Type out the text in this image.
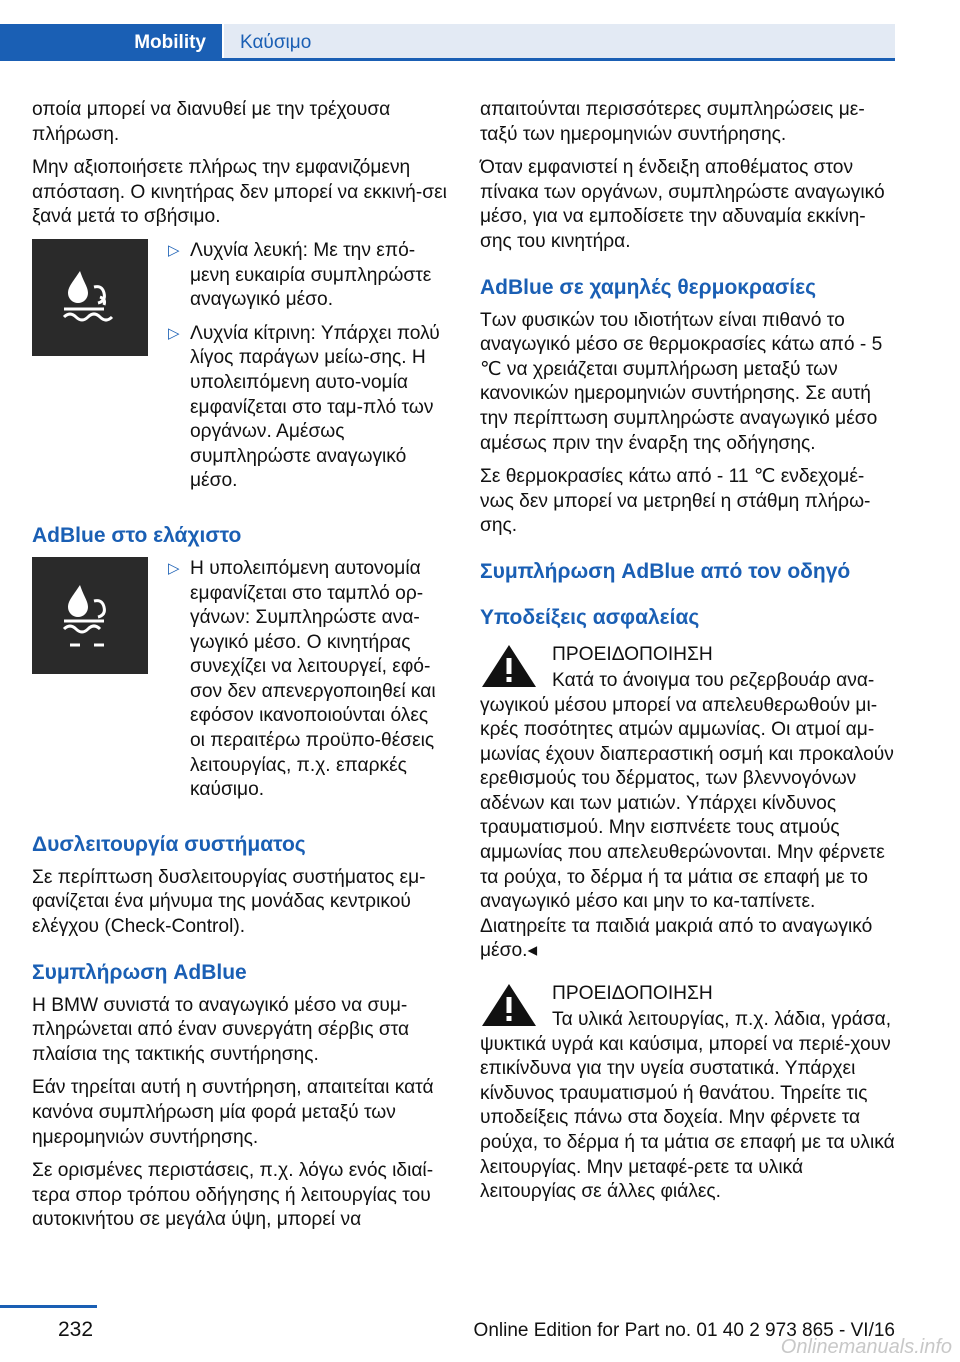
Mobility	Καύσιμο

οποία μπορεί να διανυθεί με την τρέχουσα πλήρωση.

Μην αξιοποιήσετε πλήρως την εμφανιζόμενη απόσταση. Ο κινητήρας δεν μπορεί να εκκινή-σει ξανά μετά το σβήσιμο.

▷ Λυχνία λευκή: Με την επό-μενη ευκαιρία συμπληρώστε αναγωγικό μέσο.
▷ Λυχνία κίτρινη: Υπάρχει πολύ λίγος παράγων μείω-σης. Η υπολειπόμενη αυτο-νομία εμφανίζεται στο ταμ-πλό των οργάνων. Αμέσως συμπληρώστε αναγωγικό μέσο.
AdBlue στο ελάχιστο
▷ Η υπολειπόμενη αυτονομία εμφανίζεται στο ταμπλό ορ-γάνων: Συμπληρώστε ανα-γωγικό μέσο. Ο κινητήρας συνεχίζει να λειτουργεί, εφό-σον δεν απενεργοποιηθεί και εφόσον ικανοποιούνται όλες οι περαιτέρω προϋπο-θέσεις λειτουργίας, π.χ. επαρκές καύσιμο.
Δυσλειτουργία συστήματος

Σε περίπτωση δυσλειτουργίας συστήματος εμ-φανίζεται ένα μήνυμα της μονάδας κεντρικού ελέγχου (Check-Control).

Συμπλήρωση AdBlue

Η BMW συνιστά το αναγωγικό μέσο να συμ-πληρώνεται από έναν συνεργάτη σέρβις στα πλαίσια της τακτικής συντήρησης.

Εάν τηρείται αυτή η συντήρηση, απαιτείται κατά κανόνα συμπλήρωση μία φορά μεταξύ των ημερομηνιών συντήρησης.

Σε ορισμένες περιστάσεις, π.χ. λόγω ενός ιδιαί-τερα σπορ τρόπου οδήγησης ή λειτουργίας του αυτοκινήτου σε μεγάλα ύψη, μπορεί να

απαιτούνται περισσότερες συμπληρώσεις με-ταξύ των ημερομηνιών συντήρησης.

Όταν εμφανιστεί η ένδειξη αποθέματος στον πίνακα των οργάνων, συμπληρώστε αναγωγικό μέσο, για να εμποδίσετε την αδυναμία εκκίνη-σης του κινητήρα.

AdBlue σε χαμηλές θερμοκρασίες

Των φυσικών του ιδιοτήτων είναι πιθανό το αναγωγικό μέσο σε θερμοκρασίες κάτω από - 5 ℃ να χρειάζεται συμπλήρωση μεταξύ των κανονικών ημερομηνιών συντήρησης. Σε αυτή την περίπτωση συμπληρώστε αναγωγικό μέσο αμέσως πριν την έναρξη της οδήγησης.

Σε θερμοκρασίες κάτω από - 11 ℃ ενδεχομέ-νως δεν μπορεί να μετρηθεί η στάθμη πλήρω-σης.

Συμπλήρωση AdBlue από τον οδηγό
Υποδείξεις ασφαλείας
ΠΡΟΕΙΔΟΠΟΙΗΣΗ

Κατά το άνοιγμα του ρεζερβουάρ ανα-γωγικού μέσου μπορεί να απελευθερωθούν μι-κρές ποσότητες ατμών αμμωνίας. Οι ατμοί αμ-μωνίας έχουν διαπεραστική οσμή και προκαλούν ερεθισμούς του δέρματος, των βλεννογόνων αδένων και των ματιών. Υπάρχει κίνδυνος τραυματισμού. Μην εισπνέετε τους ατμούς αμμωνίας που απελευθερώνονται. Μην φέρνετε τα ρούχα, το δέρμα ή τα μάτια σε επαφή με το αναγωγικό μέσο και μην το κα-ταπίνετε. Διατηρείτε τα παιδιά μακριά από το αναγωγικό μέσο.◂

ΠΡΟΕΙΔΟΠΟΙΗΣΗ

Τα υλικά λειτουργίας, π.χ. λάδια, γράσα, ψυκτικά υγρά και καύσιμα, μπορεί να περιέ-χουν επικίνδυνα για την υγεία συστατικά. Υπάρχει κίνδυνος τραυματισμού ή θανάτου. Τηρείτε τις υποδείξεις πάνω στα δοχεία. Μην φέρνετε τα ρούχα, το δέρμα ή τα μάτια σε επαφή με τα υλικά λειτουργίας. Μην μεταφέ-ρετε τα υλικά λειτουργίας σε άλλες φιάλες.

232	Online Edition for Part no. 01 40 2 973 865 - VI/16
Onlinemanuals.info
